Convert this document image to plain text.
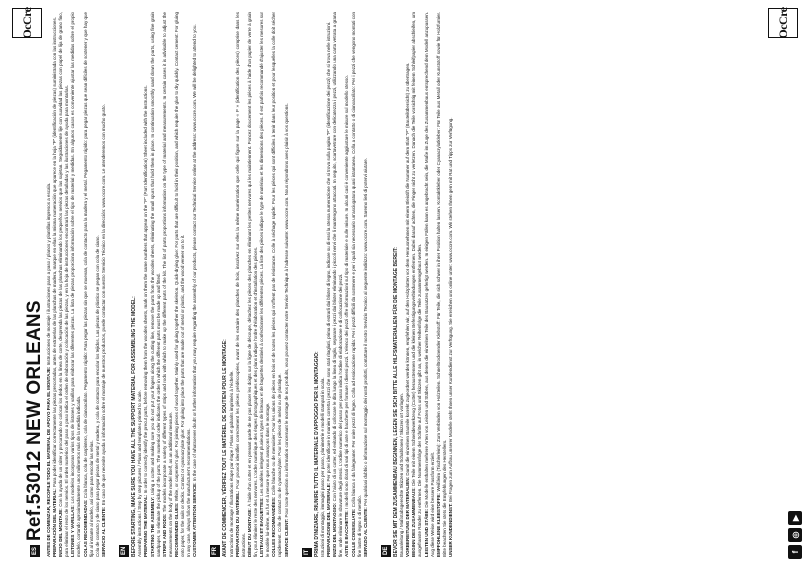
OcCre
ES
Ref.53012 NEW ORLEANS ANTES DE COMENZAR, RECOPILE TODO EL MATERIAL DE APOYO PARA EL MONTAJE: Instrucciones de montaje / ilustraciones paso a paso / planos y plantillas impresos a escala.

PREPARACIÓN DEL MATERIAL: Para poder identificar correctamente las piezas precortadas, antes de extraerlas de las planchas de madera, marque en ellas la misma numeración que aparece en la hoja "P" (identificación de piezas) suministrada con las instrucciones.

INICIO DEL MONTAJE: Con la ayuda de un cúter y procurando no colocar los dedos en la línea de corte, desprenda las piezas de las planchas eliminando los pequeños nervios que las sujetan. Seguidamente lije con suavidad las piezas con papel de lija de grano fino, para eliminar el resto de los nervios. El orden numérico del paso a paso indica el orden de elaboración y colocación de las piezas, y en la hoja de instrucciones encontrará las piezas detalladas y las ilustraciones de ayuda para montarlas. LISTONES Y VARILLAS: Los modelos incorporan varios tipos de listones y varillas para elaborar las diferentes piezas. La lista de piezas proporciona información sobre el tipo de material y medidas. En algunos casos es conveniente ajustar las medidas sobre el propio modelo, cortando aproximadamente unos milímetros más de la medida indicada. COLAS RECOMENDADAS: Cola blanca, cola de carpintero, cola de cianoacrilato. Pegamento rápido: Para pegar las piezas sin que se muevan, cola de contacto para la madera y el metal. Pegamento rápido: para pegar piezas que sean difíciles de sostener y que hay que fijar al instante al modelo, así como para encolar las velas. Cola de contacto y de ciano para pegar piezas de metal y madera, y cola de contacto para encolar los tejidos. Las piezas de plástico se pegan con cola de ciano. SERVICIO AL CLIENTE: En caso de que necesite ayuda o información sobre el montaje de nuestros productos, puede contactar con nuestro Servicio Técnico en la dirección: www.occre.com. Le atenderemos con mucho gusto.

EN BEFORE STARTING, MAKE SURE YOU HAVE ALL THE SUPPORT MATERIAL FOR ASSEMBLING THE MODEL: Assembly instructions / Step by step pictures / Plans and templates printed to scale. PREPARING THE MATERIAL: In order to correctly identify the precut parts, before removing them from the wooden sheets, mark on them the same numbers that appear on the "P" (Part Identification) Sheet included with the instructions.

STARTING THE ASSEMBLY: Using a cutter and making sure you do not put your fingers along the cutting line, remove the parts from the wooden sheets, eliminating the small spurs that hold them in place. In continuation smoothly sand down the parts, using fine grain sandpaper, to eliminate the pickup of the parts. The numerical order indicates the order in which the different parts must be made up and fitted. STRIPS AND RODS: The models incorporate a variety of different types of strips and rods with which to make up the different parts of the kit. The list of parts proportions information on the type of material and measurements. In certain cases it is advisable to adjust the measurements on the body of the model itself, as an additional measure. RECOMMENDED GLUES: White, or carpenter's glue: For joining pieces of wood together. Mainly used for gluing together the skeleton. Quick-drying glue: For parts that are difficult to hold in their position, and which require the glue to dry quickly. Contact cement: For gluing onto paper, for the sails or decks. Contact or cyanoacrylate glue: For gluing into place the parts that are made out of metal or plastic, and the wood veneer on to it. In any case, always follow the manufacturer's recommendations. CUSTOMER ATTENTION SERVICE: In the case of whatsoever doubt or further information that you may require regarding the assembly of our products, please contact our Technical Service online at the address: www.occre.com. We will be delighted to attend to you.

FR AVANT DE COMMENCER, VÉRIFIEZ TOUT LE MATÉRIEL DE SOUTIEN POUR LE MONTAGE: Instructions de montage / Illustrations étape par étape / Plans et gabarits imprimés à l'échelle. PRÉPARATION DU MATÉRIEL: Pour pouvoir identifier correctement les pièces prédécoupées, avant de les extraire des planches de bois, inscrivez sur elles la même numérotation que celle qui figure sur la page « P » (identification des pièces) comprise dans les instructions. DÉBUT DU MONTAGE: À l'aide d'un cutter et en prenant garde de ne pas placer les doigts sur la ligne de découpe, détachez les pièces des planches en éliminant les petites nervures qui les maintiennent. Poncez doucement les pièces à l'aide d'un papier de verre à grain fin, pour éliminer le reste des nervures. L'ordre numérique des étapes photographiques et des plans indique l'ordre d'élaboration et d'installation des pièces. LISTEAUX ET BAGUETTES: Les modèles intègrent plusieurs types de listeaux et de baguettes destinés à confectionner les différentes pièces. La liste des pièces indique le type de matériau et les dimensions des pièces. Il est parfois recommandé d'ajuster les mesures sur le modèle lui-même, au fur et à mesure que nous avançons dans le montage. COLLES RECOMMANDÉES: Colle blanche ou de menuisier: Pour les unions de pièces en bois et de toutes les pièces qui n'offrent pas de résistance. Colle à séchage rapide: Pour les pièces qui sont difficiles à tenir dans leur position et pour lesquelles la colle doit sécher rapidement. Colle de contact ou de cyanoacrylate: Pour les pièces de métal ou de plastique. SERVICE CLIENT: Pour toute question ou information concernant le montage de nos produits, vous pouvez contacter notre Service Technique à l'adresse suivante: www.occre.com. Nous répondrons avec plaisir à vos questions.

IT PRIMA D'INIZIARE, RIUNIRE TUTTO IL MATERIALE D'APPOGGIO PER IL MONTAGGIO: Istruzioni di montaggio, immagini passo per passo, planimetrie e modelli stampati in scala. PREPARAZIONE DEL MATERIALE: Per poter identificare in maniera corretta i pezzi che sono stati ritagliati, prima di estrarli dai blister di legno, indicare su di essi la stessa numerazione che si trova sulla pagina "P" (identificazione dei pezzi) che si trova nelle istruzioni.

INIZIO DEL MONTAGGIO: Con l'aiuto di un cutter, ed evitando di collocare le dita lungo la linea di taglio, separare i pezzi dai blister eliminando i piccoli nervi che li mantengono attaccati. In seguito, scartavetrare con delicatezza i pezzi, utilizzando una carta vetrata a grana fine, onde eliminare le sbavature degli stessi. L'ordine numerico del passo per passo indica l'ordine di elaborazione e di collocazione dei pezzi. ASTE E BACCHETTE: I modelli sono dotati di vari tipi di aste e bacchette per formare i diversi pezzi. L'elenco dei pezzi offre informazioni sul tipo di materiale e sulle misure. In alcuni casi è conveniente aggiustare le misure sul modello stesso.

COLLE CONSIGLIATE: Colla bianca o da falegname: Per unire pezzi di legno. Colla ad essiccazione rapida: Per i pezzi difficili da sostenere e per i quali sia necessario un'asciugatura quasi istantanea. Colla a contatto o di cianoacrilato: Per i pezzi che vengono montati con fine lastre di legno o di metallo. SERVIZIO AL CLIENTE: Per qualsiasi dubbio o informazione sul montaggio dei nostri prodotti, contattare il nostro Servizio Tecnico al seguente indirizzo: www.occre.com. Saremo lieti di potervi aiutare.

DE BEVOR SIE MIT DEM ZUSAMMENBAU BEGINNEN, LEGEN SIE SICH BITTE ALLE HILFSMATERIALIEN FÜR DIE MONTAGE BEREIT: Bauanleitung / Maßstabsgerechte Skizzen und Schablonen / Skizzen ort vorlagen. VORBEREITUNG DER MATERIALIEN: Damit die einzelnen Bauteile korrekt zugeordnet werden können, empfehlen wir, auf den Holzplatten vor dem Herausnehmen mit einem Bleistift die Nummer auf dem Blatt "P" (Bauteilübersicht) zu übertragen.

BEGINN DES ZUSAMMENBAUS: Die Teile mit einem Schneidewerkzeug (Cutter) heraustrennen und die kleinen Befestigungsverbindungen entfernen. Dabei darauf achten, die Finger nicht zu verletzen. Danach die Teile vorsichtig mit feinem Schleifpapier abschleifen, um ausgefranste Ränder zu entfernen. Die Nummernfolge der Schritte auf Fotos und Skizzen gibt an, in welcher Reihenfolge die Teile zusammengebaut werden. LEISTEN UND STÄBE: Die Modelle enthalten mehrere Arten von Leisten und Stäben, aus denen die einzelnen Teile des Bausatzes gefertigt werden. In einigen Fällen kann es angebracht sein, die Maße im Zuge des Zusammenbaus entsprechend dem Modell anzupassen. Aug diese Weise wird eine bessere Passform erzielt. EMPFOHLENE KLEBSTOFFE: Weißleim (Tischlerleim): Zum Verbinden von Holzteilen. Schnelltrocknender Klebstoff: Für Teile, die sich schwer in ihrer Position halten lassen. Kontaktkleber oder Cyanacrylatkleber: Für Teile aus Metall oder Kunststoff sowie für Holzfurnier. Bitte beachten Sie stets die Empfehlungen des Herstellers. UNSER KUNDENDIENST: Bei Fragen zum Aufbau unserer Modelle steht Ihnen unser Kundendienst zur Verfügung. Sie erreichen uns online unter: www.occre.com. Wir stehen Ihnen gern mit Rat und Tipps zur Verfügung.

f
◎
▶
OcCre
